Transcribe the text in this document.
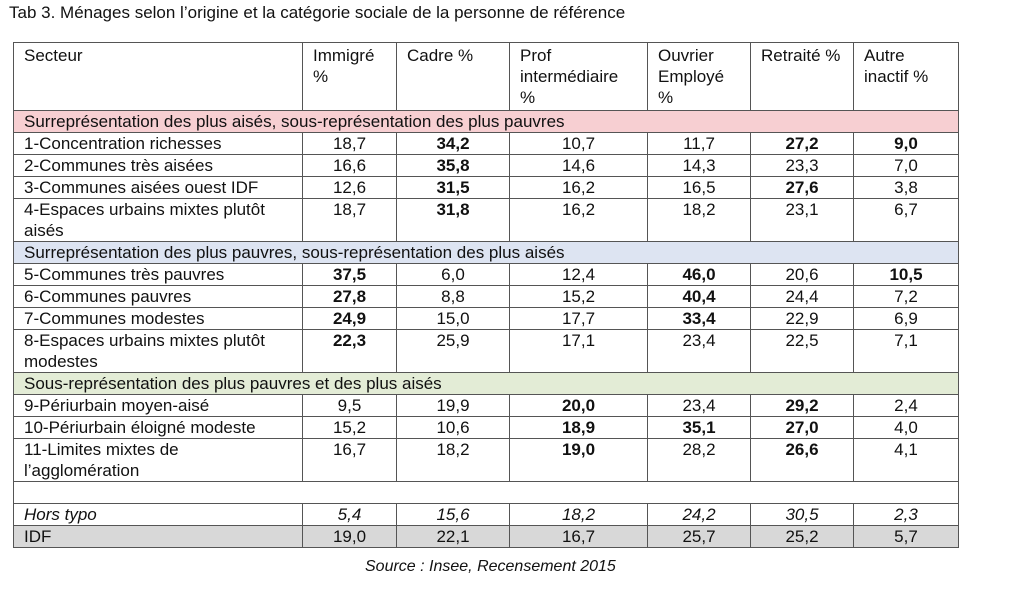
Tab 3. Ménages selon l’origine et la catégorie sociale de la personne de référence
Secteur	Immigré %	Cadre %	Prof intermédiaire %	Ouvrier Employé %	Retraité %	Autre inactif %
Surreprésentation des plus aisés, sous-représentation des plus pauvres						
1-Concentration richesses	18,7	34,2	10,7	11,7	27,2	9,0
2-Communes très aisées	16,6	35,8	14,6	14,3	23,3	7,0
3-Communes aisées ouest IDF	12,6	31,5	16,2	16,5	27,6	3,8
4-Espaces urbains mixtes plutôt aisés	18,7	31,8	16,2	18,2	23,1	6,7
Surreprésentation des plus pauvres, sous-représentation des plus aisés						
5-Communes très pauvres	37,5	6,0	12,4	46,0	20,6	10,5
6-Communes pauvres	27,8	8,8	15,2	40,4	24,4	7,2
7-Communes modestes	24,9	15,0	17,7	33,4	22,9	6,9
8-Espaces urbains mixtes plutôt modestes	22,3	25,9	17,1	23,4	22,5	7,1
Sous-représentation des plus pauvres et des plus aisés						
9-Périurbain moyen-aisé	9,5	19,9	20,0	23,4	29,2	2,4
10-Périurbain éloigné modeste	15,2	10,6	18,9	35,1	27,0	4,0
11-Limites mixtes de l’agglomération	16,7	18,2	19,0	28,2	26,6	4,1

Hors typo	5,4	15,6	18,2	24,2	30,5	2,3
IDF	19,0	22,1	16,7	25,7	25,2	5,7
Source : Insee, Recensement 2015
